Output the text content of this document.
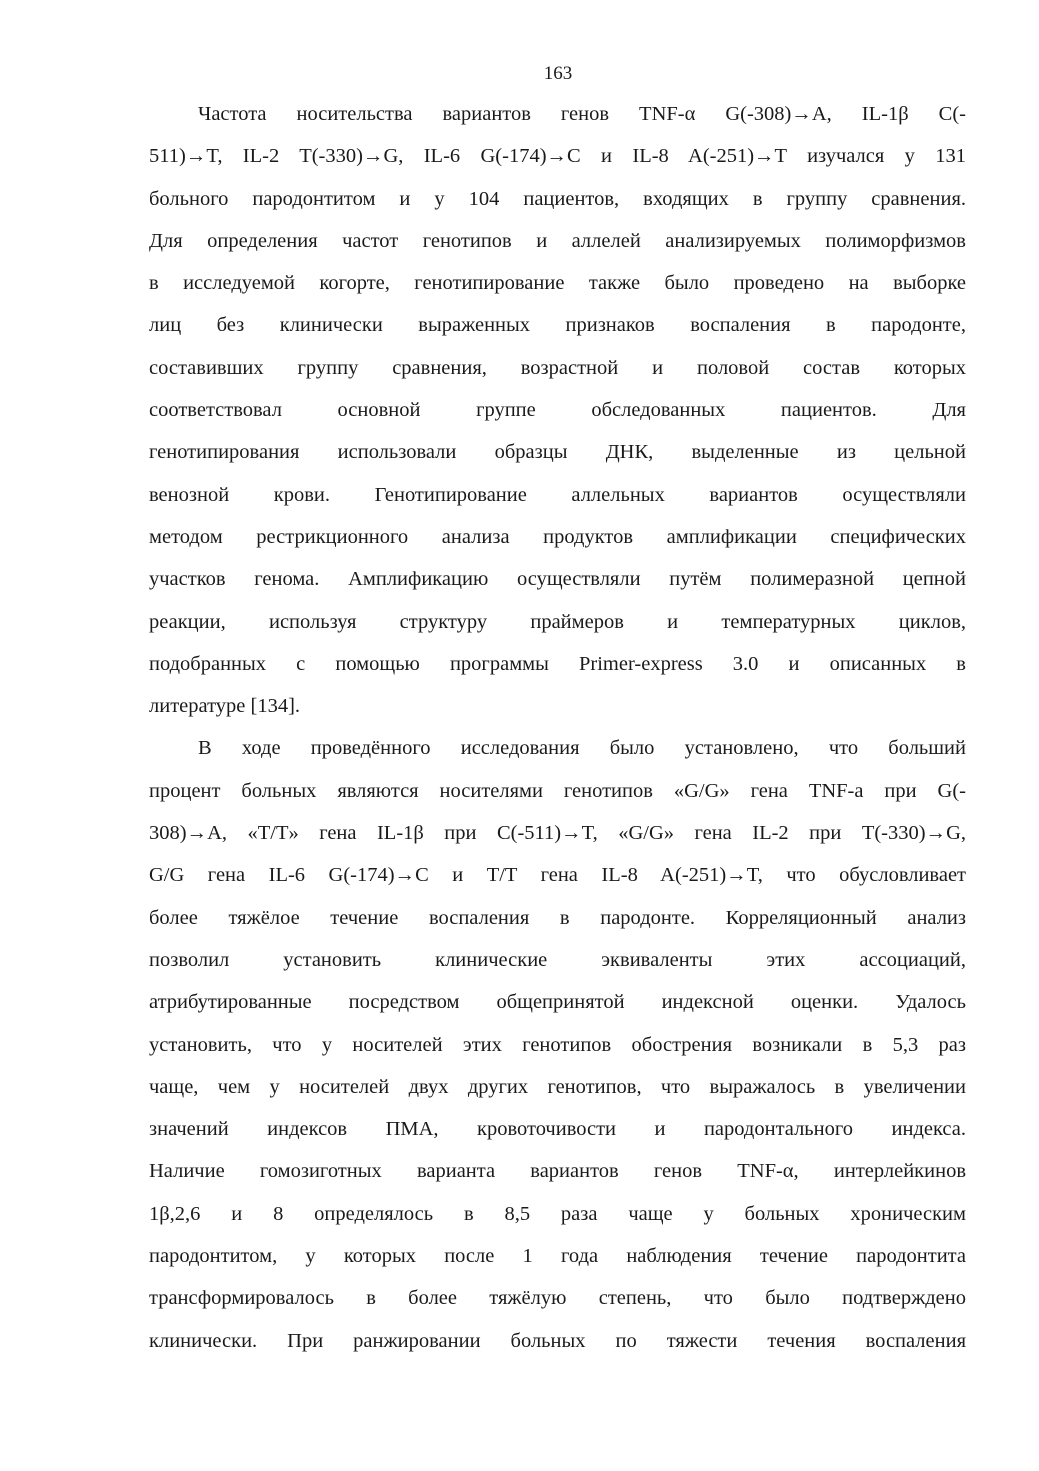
163
Частота носительства вариантов генов TNF-α G(-308)→A, IL-1β C(-
511)→T, IL-2 T(-330)→G, IL-6 G(-174)→C и IL-8 A(-251)→T изучался у 131
больного пародонтитом и у 104 пациентов, входящих в группу сравнения.
Для определения частот генотипов и аллелей анализируемых полиморфизмов
в исследуемой когорте, генотипирование также было проведено на выборке
лиц без клинически выраженных признаков воспаления в пародонте,
составивших группу сравнения, возрастной и половой состав которых
соответствовал основной группе обследованных пациентов. Для
генотипирования использовали образцы ДНК, выделенные из цельной
венозной крови. Генотипирование аллельных вариантов осуществляли
методом рестрикционного анализа продуктов амплификации специфических
участков генома. Амплификацию осуществляли путём полимеразной цепной
реакции, используя структуру праймеров и температурных циклов,
подобранных с помощью программы Primer-express 3.0 и описанных в
литературе [134].
В ходе проведённого исследования было установлено, что больший
процент больных являются носителями генотипов «G/G» гена TNF-a при G(-
308)→A, «T/T» гена IL-1β при C(-511)→T, «G/G» гена IL-2 при T(-330)→G,
G/G гена IL-6 G(-174)→C и T/T гена IL-8 A(-251)→T, что обусловливает
более тяжёлое течение воспаления в пародонте. Корреляционный анализ
позволил установить клинические эквиваленты этих ассоциаций,
атрибутированные посредством общепринятой индексной оценки. Удалось
установить, что у носителей этих генотипов обострения возникали в 5,3 раз
чаще, чем у носителей двух других генотипов, что выражалось в увеличении
значений индексов ПМА, кровоточивости и пародонтального индекса.
Наличие гомозиготных варианта вариантов генов TNF-α, интерлейкинов
1β,2,6 и 8 определялось в 8,5 раза чаще у больных хроническим
пародонтитом, у которых после 1 года наблюдения течение пародонтита
трансформировалось в более тяжёлую степень, что было подтверждено
клинически. При ранжировании больных по тяжести течения воспаления
